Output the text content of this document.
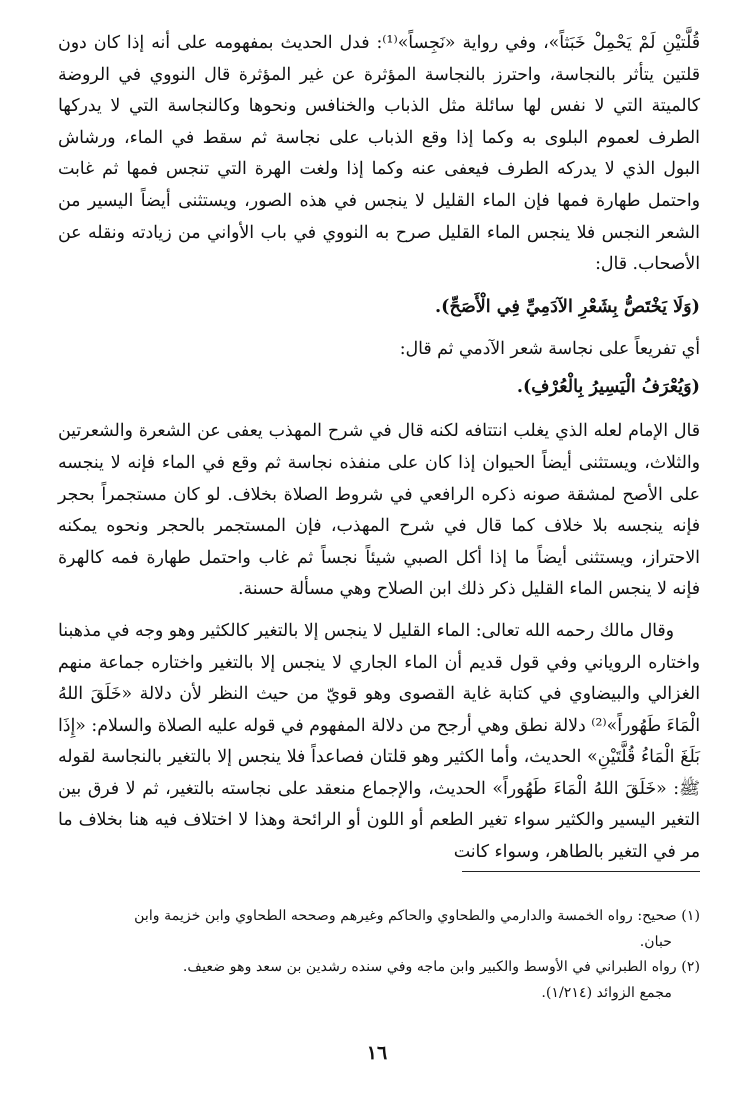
قُلَّتيْنِ لَمْ يَحْمِلْ خَبَثاً»، وفي رواية «نَجِساً»⁽¹⁾: فدل الحديث بمفهومه على أنه إذا كان دون قلتين يتأثر بالنجاسة، واحترز بالنجاسة المؤثرة عن غير المؤثرة قال النووي في الروضة كالميتة التي لا نفس لها سائلة مثل الذباب والخنافس ونحوها وكالنجاسة التي لا يدركها الطرف لعموم البلوى به وكما إذا وقع الذباب على نجاسة ثم سقط في الماء، ورشاش البول الذي لا يدركه الطرف فيعفى عنه وكما إذا ولغت الهرة التي تنجس فمها ثم غابت واحتمل طهارة فمها فإن الماء القليل لا ينجس في هذه الصور، ويستثنى أيضاً اليسير من الشعر النجس فلا ينجس الماء القليل صرح به النووي في باب الأواني من زيادته ونقله عن الأصحاب. قال:

(وَلَا يَخْتَصُّ بِشَعْرِ الآدَمِيِّ فِي الْأَصَحِّ).

أي تفريعاً على نجاسة شعر الآدمي ثم قال:

(وَيُعْرَفُ الْيَسِيرُ بِالْعُرْفِ).

قال الإمام لعله الذي يغلب انتتافه لكنه قال في شرح المهذب يعفى عن الشعرة والشعرتين والثلاث، ويستثنى أيضاً الحيوان إذا كان على منفذه نجاسة ثم وقع في الماء فإنه لا ينجسه على الأصح لمشقة صونه ذكره الرافعي في شروط الصلاة بخلاف. لو كان مستجمراً بحجر فإنه ينجسه بلا خلاف كما قال في شرح المهذب، فإن المستجمر بالحجر ونحوه يمكنه الاحتراز، ويستثنى أيضاً ما إذا أكل الصبي شيئاً نجساً ثم غاب واحتمل طهارة فمه كالهرة فإنه لا ينجس الماء القليل ذكر ذلك ابن الصلاح وهي مسألة حسنة.

وقال مالك رحمه الله تعالى: الماء القليل لا ينجس إلا بالتغير كالكثير وهو وجه في مذهبنا واختاره الروياني وفي قول قديم أن الماء الجاري لا ينجس إلا بالتغير واختاره جماعة منهم الغزالي والبيضاوي في كتابة غاية القصوى وهو قويّ من حيث النظر لأن دلالة «خَلَقَ اللهُ الْمَاءَ طَهُوراً»⁽²⁾ دلالة نطق وهي أرجح من دلالة المفهوم في قوله عليه الصلاة والسلام: «إِذَا بَلَغَ الْمَاءُ قُلَّتَيْنِ» الحديث، وأما الكثير وهو قلتان فصاعداً فلا ينجس إلا بالتغير بالنجاسة لقوله ﷺ: «خَلَقَ اللهُ الْمَاءَ طَهُوراً» الحديث، والإجماع منعقد على نجاسته بالتغير، ثم لا فرق بين التغير اليسير والكثير سواء تغير الطعم أو اللون أو الرائحة وهذا لا اختلاف فيه هنا بخلاف ما مر في التغير بالطاهر، وسواء كانت

(١) صحيح: رواه الخمسة والدارمي والطحاوي والحاكم وغيرهم وصححه الطحاوي وابن خزيمة وابن

حبان.

(٢) رواه الطبراني في الأوسط والكبير وابن ماجه وفي سنده رشدين بن سعد وهو ضعيف.

مجمع الزوائد (١/٢١٤).

١٦
